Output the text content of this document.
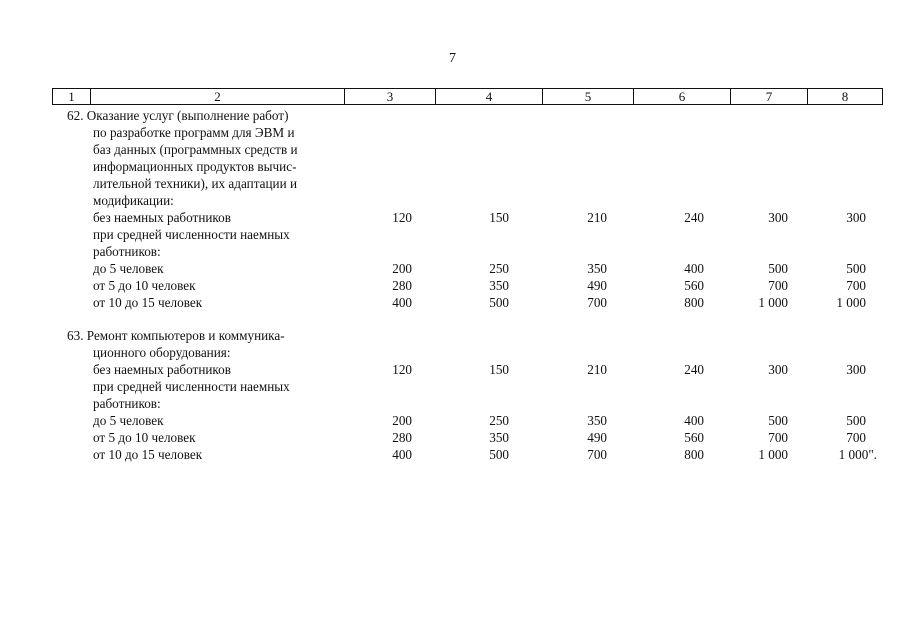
7
1	2	3	4	5	6	7	8
62. Оказание услуг (выполнение работ)
по разработке программ для ЭВМ и
баз данных (программных средств и
информационных продуктов вычис-
лительной техники), их адаптации и
модификации:
без наемных работников	120	150	210	240	300	300
при средней численности наемных
работников:
до 5 человек	200	250	350	400	500	500
от 5 до 10 человек	280	350	490	560	700	700
от 10 до 15 человек	400	500	700	800	1 000	1 000
63. Ремонт компьютеров и коммуника-
ционного оборудования:
без наемных работников	120	150	210	240	300	300
при средней численности наемных
работников:
до 5 человек	200	250	350	400	500	500
от 5 до 10 человек	280	350	490	560	700	700
от 10 до 15 человек	400	500	700	800	1 000	1 000".
